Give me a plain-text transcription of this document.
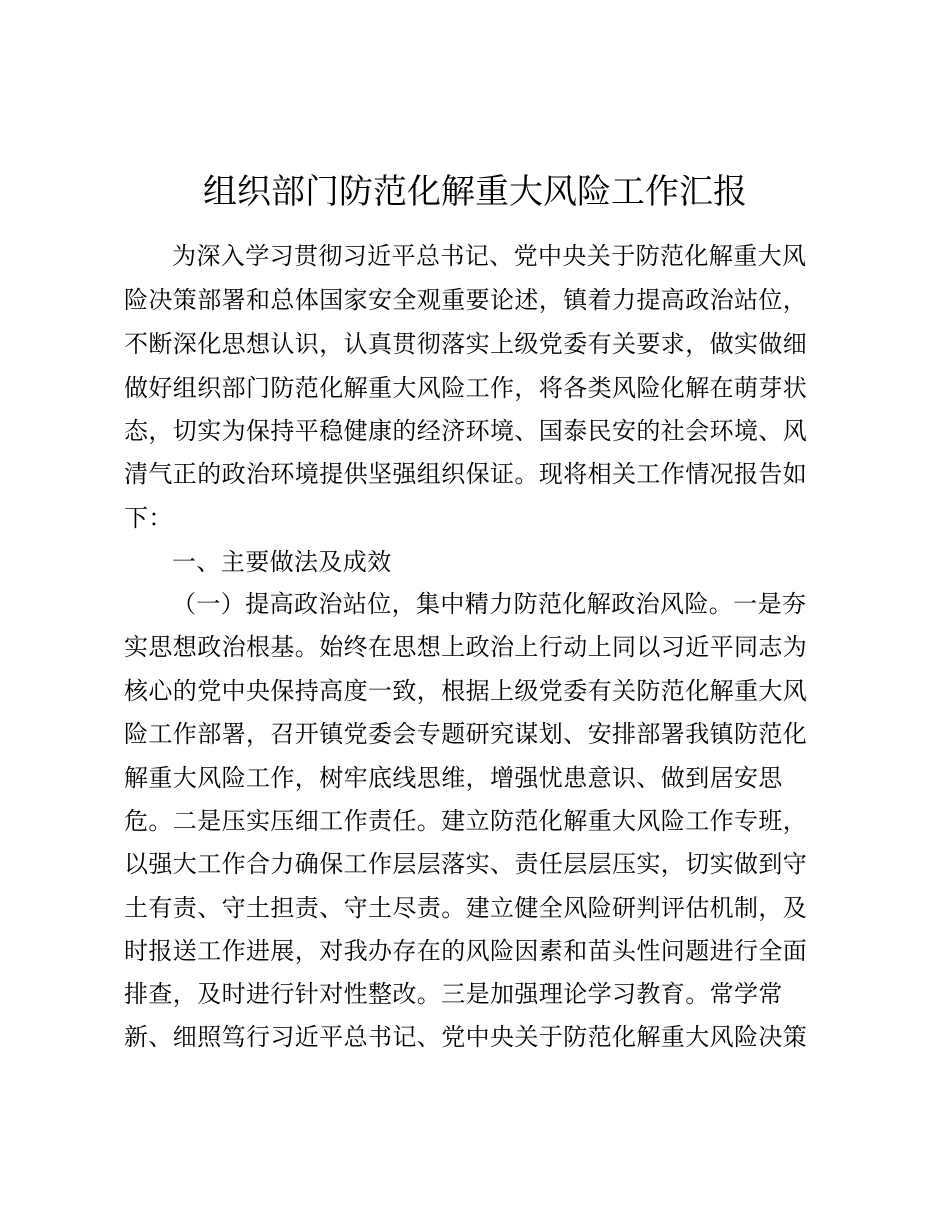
组织部门防范化解重大风险工作汇报
为深入学习贯彻习近平总书记、党中央关于防范化解重大风
险决策部署和总体国家安全观重要论述，镇着力提高政治站位，
不断深化思想认识，认真贯彻落实上级党委有关要求，做实做细
做好组织部门防范化解重大风险工作，将各类风险化解在萌芽状
态，切实为保持平稳健康的经济环境、国泰民安的社会环境、风
清气正的政治环境提供坚强组织保证。现将相关工作情况报告如
下：
一、主要做法及成效
（一）提高政治站位，集中精力防范化解政治风险。一是夯
实思想政治根基。始终在思想上政治上行动上同以习近平同志为
核心的党中央保持高度一致，根据上级党委有关防范化解重大风
险工作部署，召开镇党委会专题研究谋划、安排部署我镇防范化
解重大风险工作，树牢底线思维，增强忧患意识、做到居安思
危。二是压实压细工作责任。建立防范化解重大风险工作专班，
以强大工作合力确保工作层层落实、责任层层压实，切实做到守
土有责、守土担责、守土尽责。建立健全风险研判评估机制，及
时报送工作进展，对我办存在的风险因素和苗头性问题进行全面
排查，及时进行针对性整改。三是加强理论学习教育。常学常
新、细照笃行习近平总书记、党中央关于防范化解重大风险决策
